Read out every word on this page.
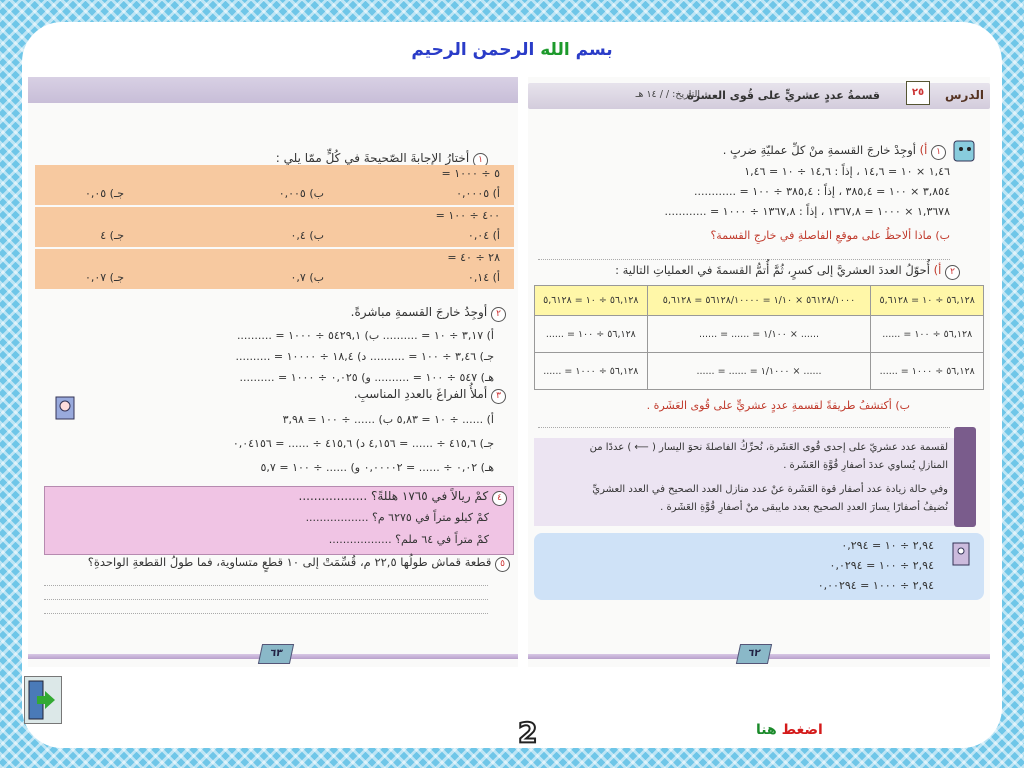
بسم الله الرحمن الرحيم
١ أختارُ الإجابةَ الصّحيحةَ في كُلٍّ ممّا يلي :
٥ ÷ ١٠٠٠ =
أ) ٠,٠٠٠٥
ب) ٠,٠٠٥
جـ) ٠,٠٥
٤٠٠ ÷ ١٠٠ =
أ) ٠,٠٤
ب) ٠,٤
جـ) ٤
٢٨ ÷ ٤٠ =
أ) ٠,١٤
ب) ٠,٧
جـ) ٠,٠٧
٢ أوجِدُ خارجَ القسمةِ مباشرةً.
أ) ٣,١٧ ÷ ١٠ = .......... ب) ٥٤٢٩,١ ÷ ١٠٠٠ = ..........
جـ) ٣,٤٦ ÷ ١٠٠ = .......... د) ١٨,٤ ÷ ١٠٠٠٠ = ..........
هـ) ٥٤٧ ÷ ١٠٠ = .......... و) ٠,٠٢٥ ÷ ١٠٠٠ = ..........
٣ أملأُ الفراغَ بالعددِ المناسبِ.
أ) ...... ÷ ١٠ = ٥,٨٣ ب) ...... ÷ ١٠٠ = ٣,٩٨
جـ) ٤١٥,٦ ÷ ...... = ٤,١٥٦ د) ٤١٥,٦ ÷ ...... = ٠,٠٤١٥٦
هـ) ٠,٠٢ ÷ ...... = ٠,٠٠٠٠٢ و) ...... ÷ ١٠٠ = ٥,٧
٤ كمْ ريالاً في ١٧٦٥ هللةً؟ ..................
كمْ كيلو متراً في ٦٢٧٥ م؟ ..................
كمْ متراً في ٦٤ ملم؟ ..................
٥ قطعة قماش طولُها ٢٢,٥ م، قُسِّمَتْ إلى ١٠ قطعٍ متساوية، فما طولُ القطعةِ الواحدةِ؟
٦٣
الدرس
٢٥
قسمةُ عددٍ عشريٍّ على قُوى العشرة
التاريخ: / / ١٤ هـ
١ أ) أوجِدْ خارجَ القسمةِ منْ كلِّ عمليّةِ ضربٍ .
١,٤٦ × ١٠ = ١٤,٦ ، إذاً : ١٤,٦ ÷ ١٠ = ١,٤٦
٣,٨٥٤ × ١٠٠ = ٣٨٥,٤ ، إذاً : ٣٨٥,٤ ÷ ١٠٠ = ............
١,٣٦٧٨ × ١٠٠٠ = ١٣٦٧,٨ ، إذاً : ١٣٦٧,٨ ÷ ١٠٠٠ = ............
ب) ماذا ألاحظُ على موقعِ الفاصلةِ في خارجِ القسمة؟
٢ أ) أُحوّلُ العددَ العشريَّ إلى كسرٍ، ثُمَّ أُتمُّ القسمةَ في العملياتِ التالية :
٥٦,١٢٨ ÷ ١٠ = ٥,٦١٢٨	٥٦١٢٨/١٠٠٠ × ١/١٠ = ٥٦١٢٨/١٠٠٠٠ = ٥,٦١٢٨	٥٦,١٢٨ ÷ ١٠ = ٥,٦١٢٨
٥٦,١٢٨ ÷ ١٠٠ = ......	...... × ١/١٠٠ = ...... = ......	٥٦,١٢٨ ÷ ١٠٠ = ......
٥٦,١٢٨ ÷ ١٠٠٠ = ......	...... × ١/١٠٠٠ = ...... = ......	٥٦,١٢٨ ÷ ١٠٠٠ = ......
ب) أكتشفُ طريقةً لقسمةِ عددٍ عشريٍّ على قُوى العَشَرة .
لقسمة عدد عشريّ على إحدى قُوى العَشَرة، نُحرِّكُ الفاصلةَ نحوَ اليسار ( ⟵ ) عددًا من
المنازلِ يُساوي عددَ أصفارِ قُوَّةِ العَشَرة .
وفي حالة زيادة عدد أصفار قوة العَشَرة عنْ عدد منازل العدد الصحيح في العدد العشريِّ
نُضيفُ أصفارًا يسارَ العددِ الصحيح بعدد مايبقى منْ أصفارِ قُوَّةِ العَشَرة .
٢,٩٤ ÷ ١٠ = ٠,٢٩٤
٢,٩٤ ÷ ١٠٠ = ٠,٠٢٩٤
٢,٩٤ ÷ ١٠٠٠ = ٠,٠٠٢٩٤
٦٢
2	اضغط هنا
